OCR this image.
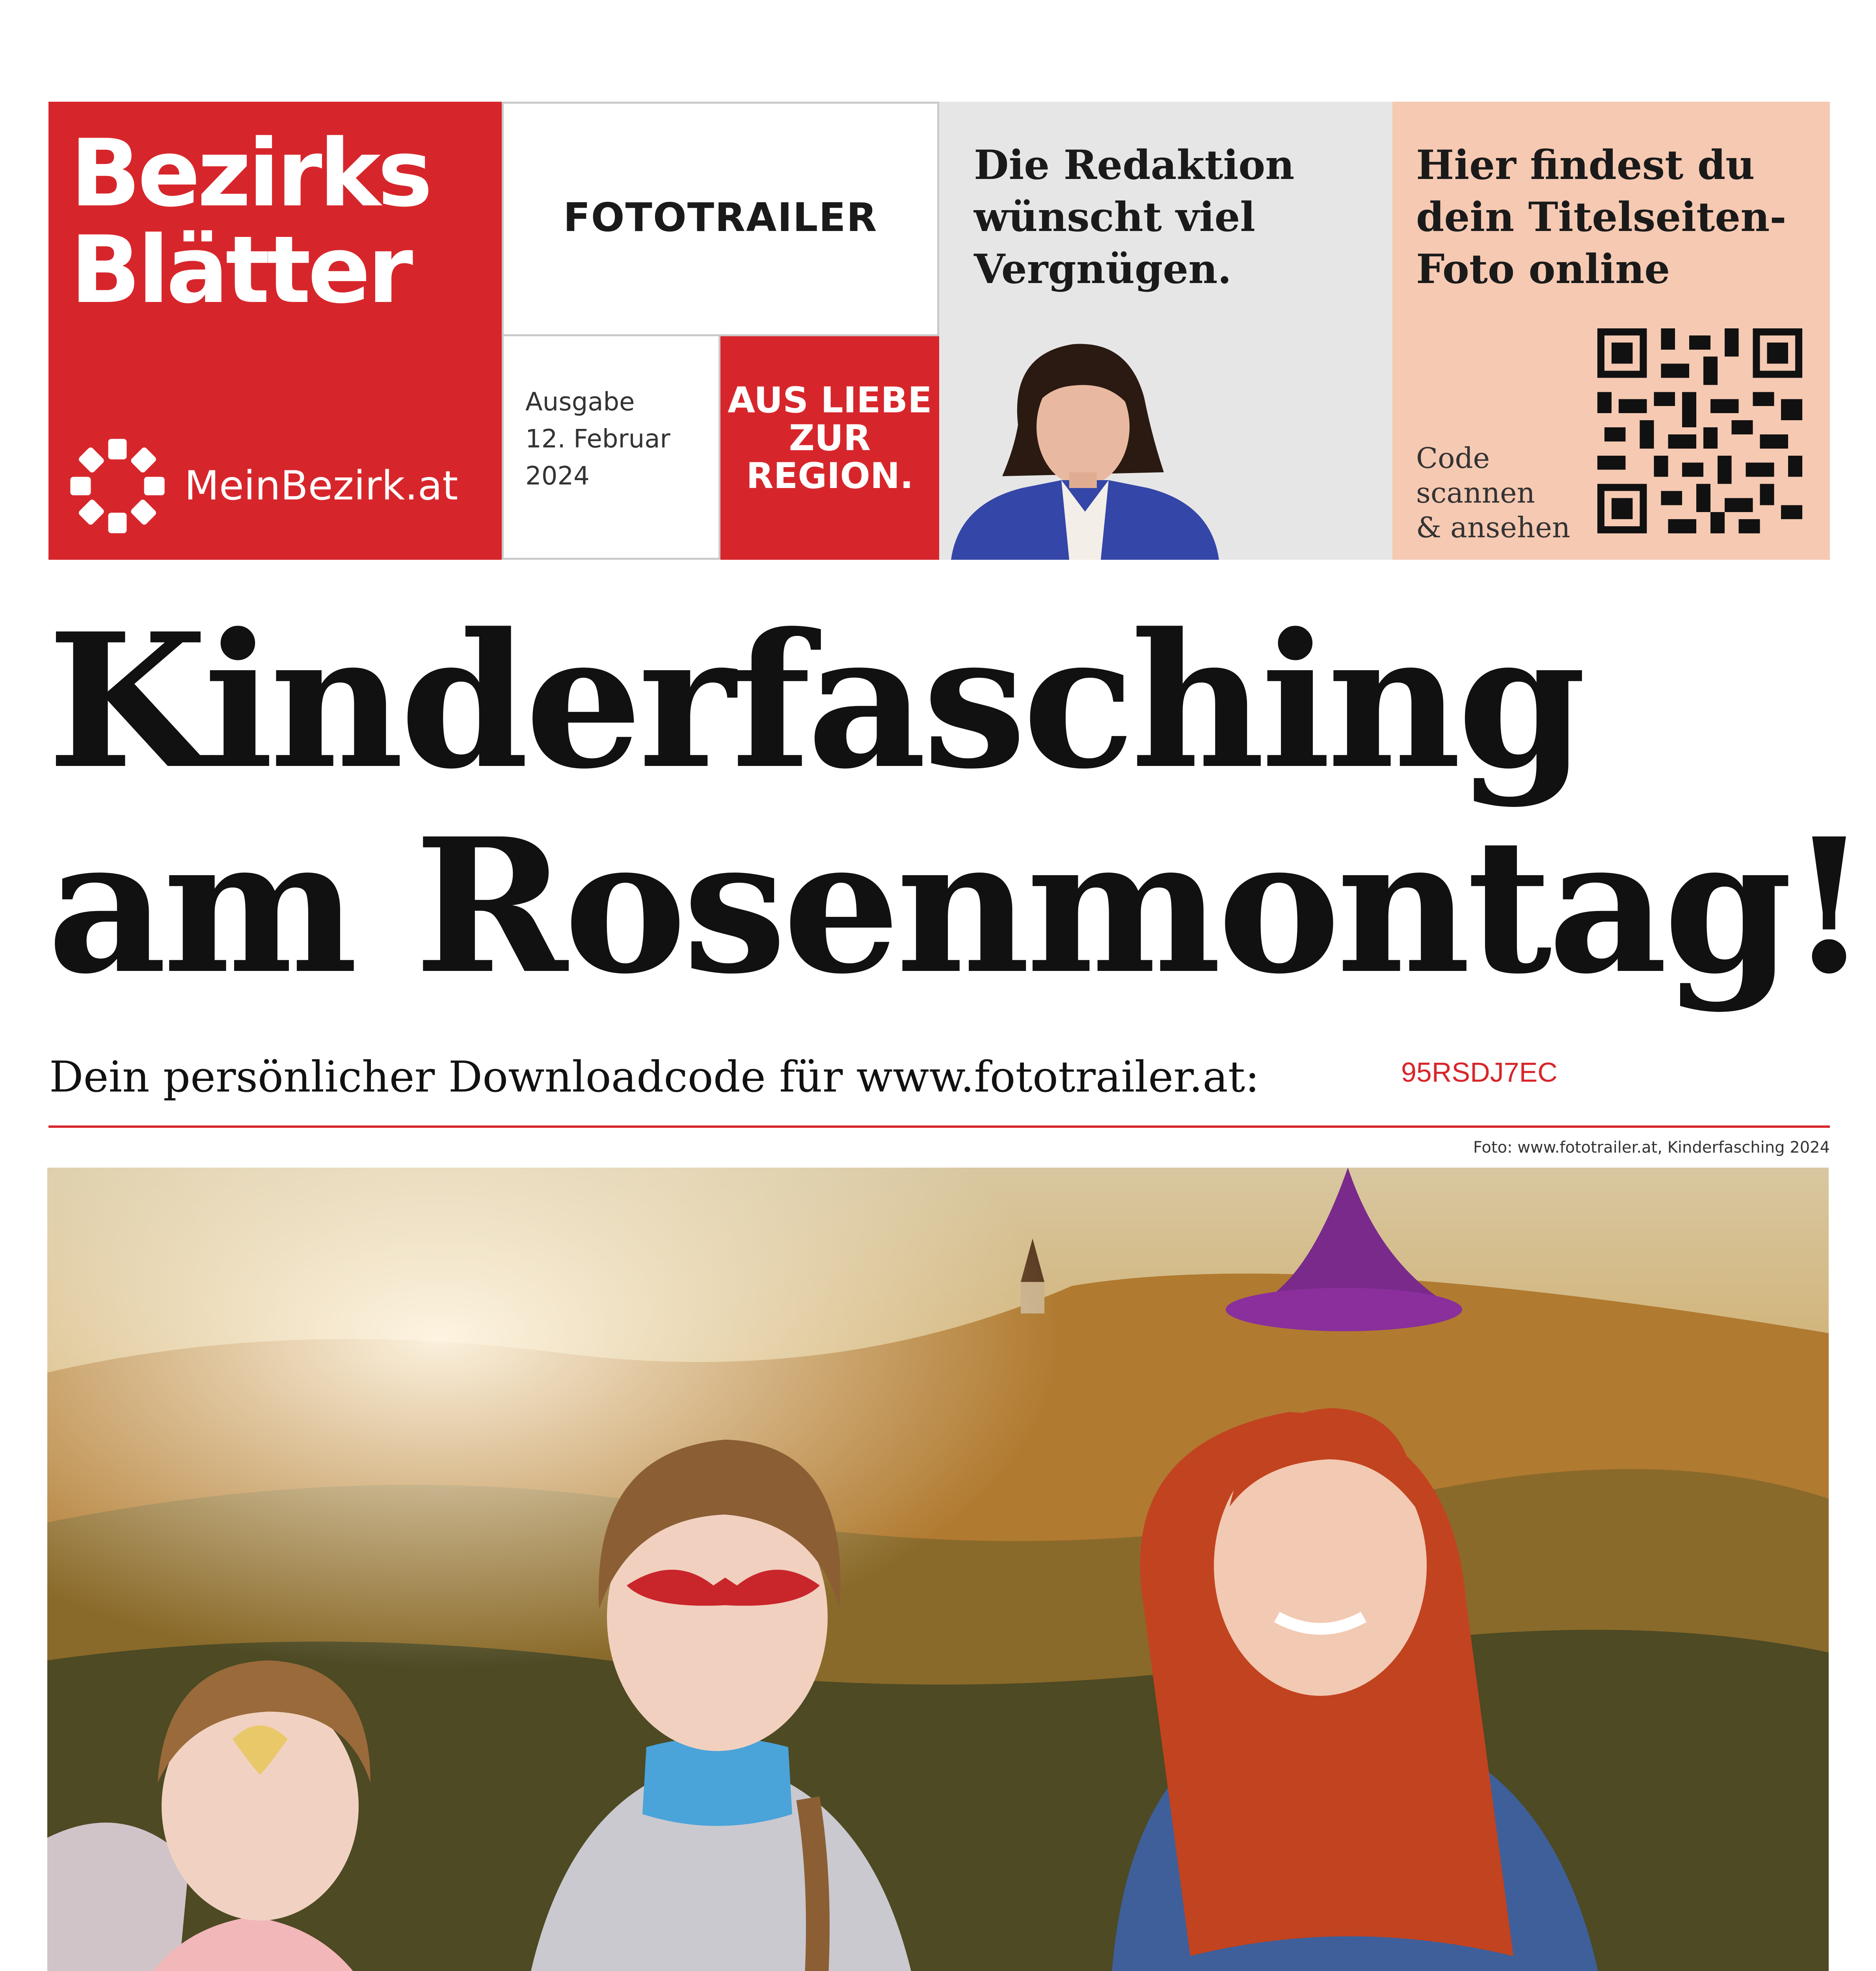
Bezirks
Blätter
MeinBezirk.at
FOTOTRAILER
Ausgabe
12. Februar
2024
AUS LIEBE
ZUR
REGION.
Die Redaktion
wünscht viel
Vergnügen.
Hier findest du
dein Titelseiten-
Foto online
Code
scannen
& ansehen
Kinderfasching
am Rosenmontag!
Dein persönlicher Downloadcode für www.fototrailer.at:	95RSDJ7EC
Foto: www.fototrailer.at, Kinderfasching 2024
